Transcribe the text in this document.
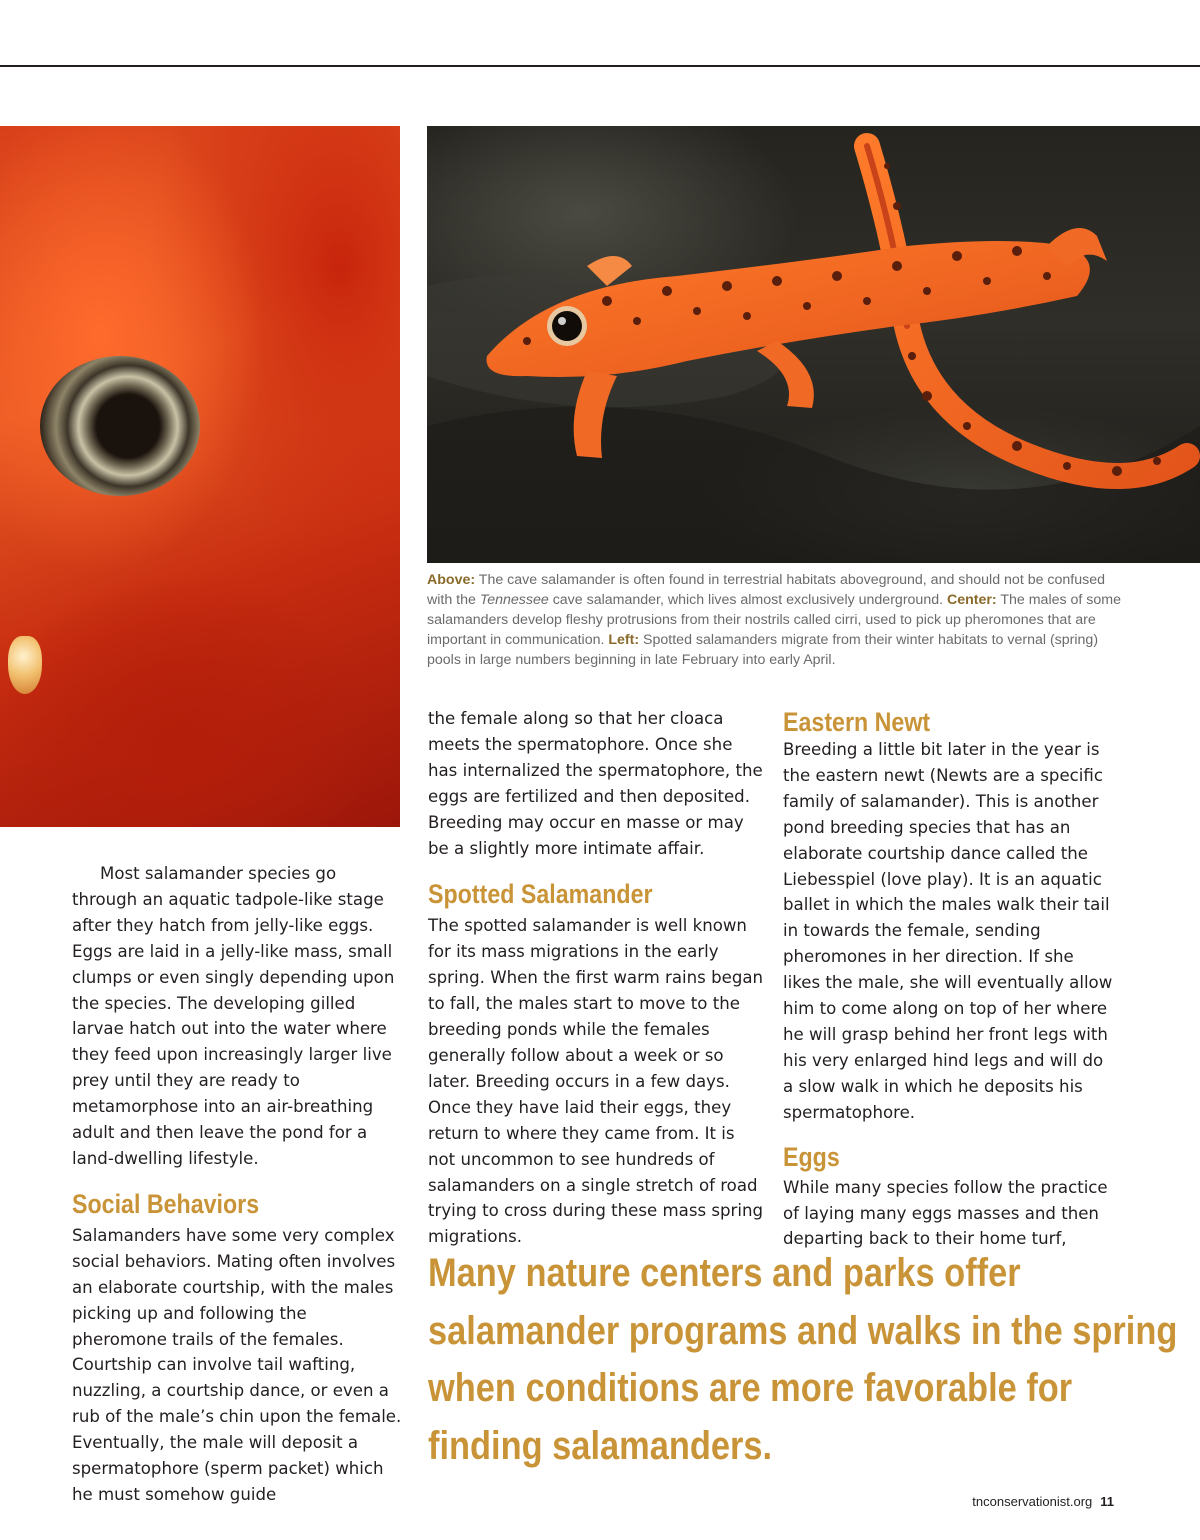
Above: The cave salamander is often found in terrestrial habitats aboveground, and should not be confused with the Tennessee cave salamander, which lives almost exclusively underground. Center: The males of some salamanders develop fleshy protrusions from their nostrils called cirri, used to pick up pheromones that are important in communication. Left: Spotted salamanders migrate from their winter habitats to vernal (spring) pools in large numbers beginning in late February into early April.

Most salamander species go through an aquatic tadpole-like stage after they hatch from jelly-like eggs. Eggs are laid in a jelly-like mass, small clumps or even singly depending upon the species. The developing gilled larvae hatch out into the water where they feed upon increasingly larger live prey until they are ready to metamorphose into an air-breathing adult and then leave the pond for a land-dwelling lifestyle.

Social Behaviors

Salamanders have some very complex social behaviors. Mating often involves an elaborate courtship, with the males picking up and following the pheromone trails of the females. Courtship can involve tail wafting, nuzzling, a courtship dance, or even a rub of the male’s chin upon the female. Eventually, the male will deposit a spermatophore (sperm packet) which he must somehow guide

the female along so that her cloaca meets the spermatophore. Once she has internalized the spermatophore, the eggs are fertilized and then deposited. Breeding may occur en masse or may be a slightly more intimate affair.

Spotted Salamander

The spotted salamander is well known for its mass migrations in the early spring. When the first warm rains began to fall, the males start to move to the breeding ponds while the females generally follow about a week or so later. Breeding occurs in a few days. Once they have laid their eggs, they return to where they came from. It is not uncommon to see hundreds of salamanders on a single stretch of road trying to cross during these mass spring migrations.

Eastern Newt

Breeding a little bit later in the year is the eastern newt (Newts are a specific family of salamander). This is another pond breeding species that has an elaborate courtship dance called the Liebesspiel (love play). It is an aquatic ballet in which the males walk their tail in towards the female, sending pheromones in her direction. If she likes the male, she will eventually allow him to come along on top of her where he will grasp behind her front legs with his very enlarged hind legs and will do a slow walk in which he deposits his spermatophore.

Eggs

While many species follow the practice of laying many eggs masses and then departing back to their home turf,

Many nature centers and parks offer
salamander programs and walks in the spring
when conditions are more favorable for
finding salamanders.
tnconservationist.org 11
